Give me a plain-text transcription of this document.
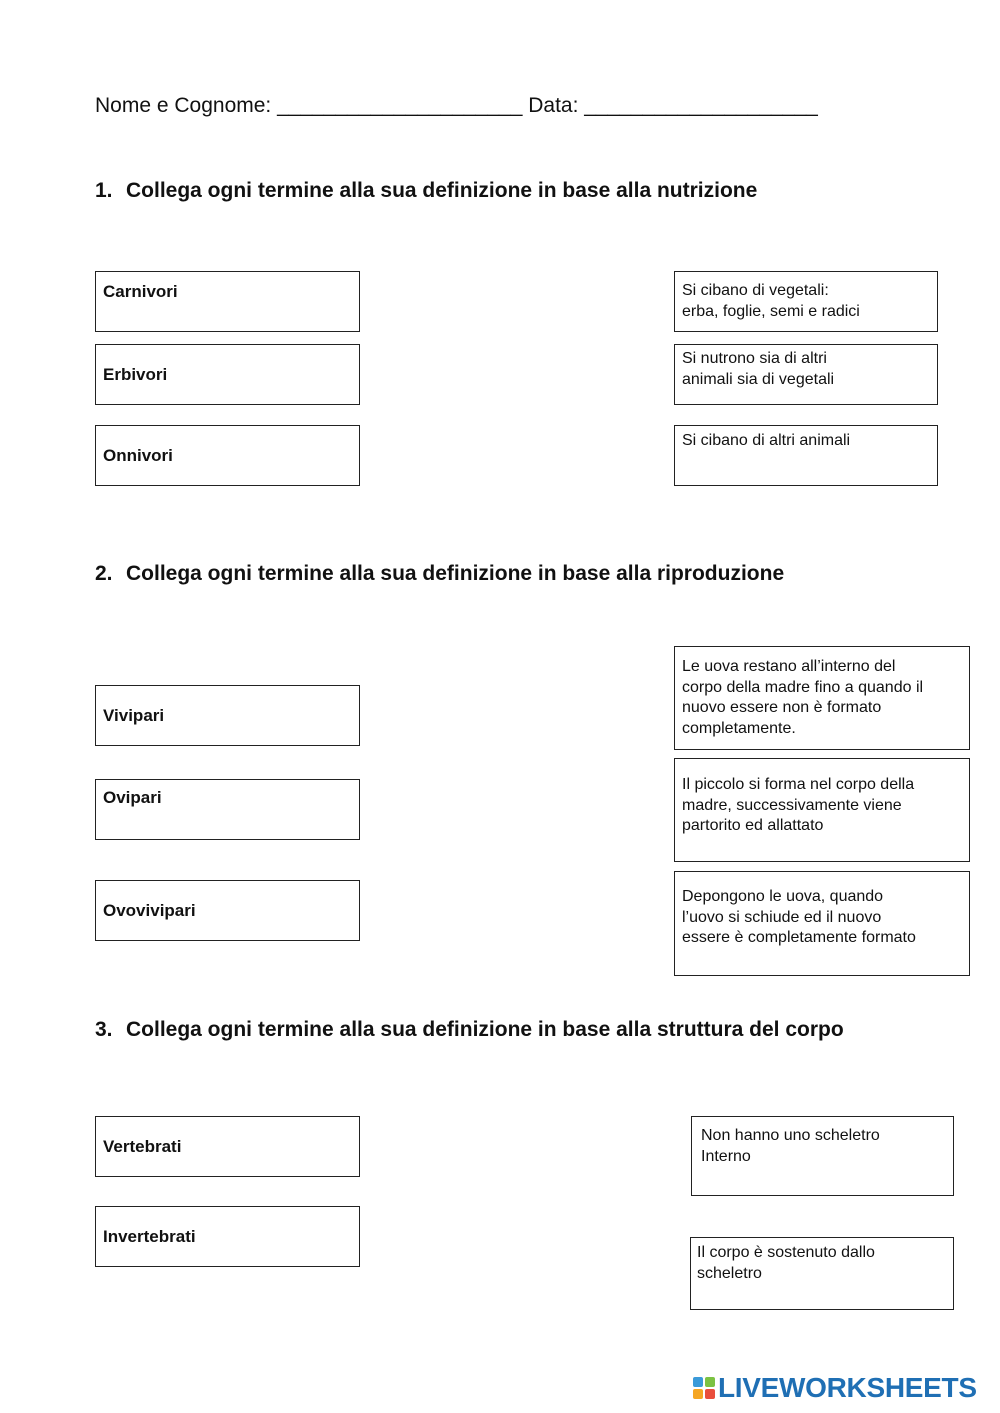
Nome e Cognome: _____________________ Data: ____________________
1. Collega ogni termine alla sua definizione in base alla nutrizione
Carnivori
Erbivori
Onnivori
Si cibano di vegetali:
erba, foglie, semi e radici
Si nutrono sia di altri
animali sia di vegetali
Si cibano di altri animali
2. Collega ogni termine alla sua definizione in base alla riproduzione
Vivipari
Ovipari
Ovovivipari
Le uova restano all’interno del
corpo della madre fino a quando il
nuovo essere non è formato
completamente.
Il piccolo si forma nel corpo della
madre, successivamente viene
partorito ed allattato
Depongono le uova, quando
l’uovo si schiude ed il nuovo
essere è completamente formato
3. Collega ogni termine alla sua definizione in base alla struttura del corpo
Vertebrati
Invertebrati
Non hanno uno scheletro
Interno
Il corpo è sostenuto dallo
scheletro
LIVEWORKSHEETS
